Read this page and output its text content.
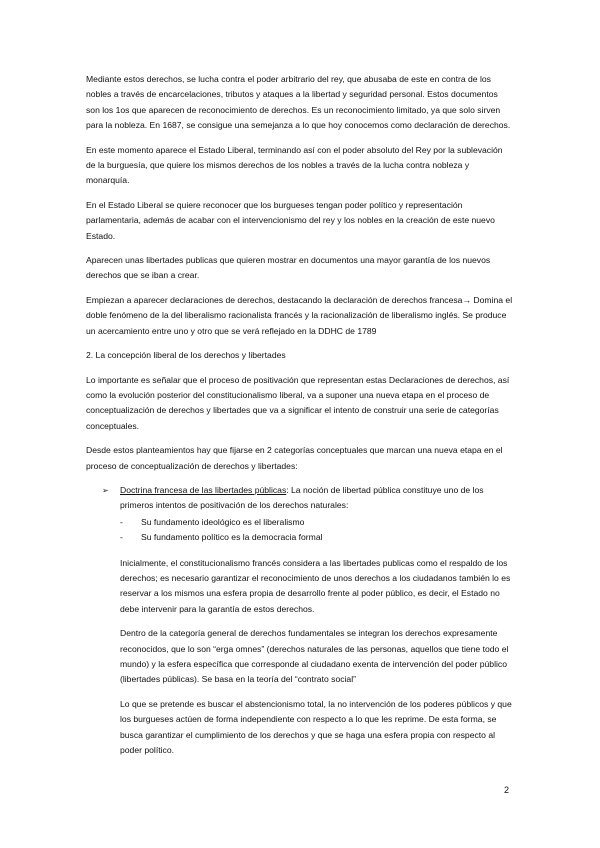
Mediante estos derechos, se lucha contra el poder arbitrario del rey, que abusaba de este en contra de los nobles a través de encarcelaciones, tributos y ataques a la libertad y seguridad personal. Estos documentos son los 1os que aparecen de reconocimiento de derechos. Es un reconocimiento limitado, ya que solo sirven para la nobleza. En 1687, se consigue una semejanza a lo que hoy conocemos como declaración de derechos.

En este momento aparece el Estado Liberal, terminando así con el poder absoluto del Rey por la sublevación de la burguesía, que quiere los mismos derechos de los nobles a través de la lucha contra nobleza y monarquía.

En el Estado Liberal se quiere reconocer que los burgueses tengan poder político y representación parlamentaria, además de acabar con el intervencionismo del rey y los nobles en la creación de este nuevo Estado.

Aparecen unas libertades publicas que quieren mostrar en documentos una mayor garantía de los nuevos derechos que se iban a crear.

Empiezan a aparecer declaraciones de derechos, destacando la declaración de derechos francesa→ Domina el doble fenómeno de la del liberalismo racionalista francés y la racionalización de liberalismo inglés. Se produce un acercamiento entre uno y otro que se verá reflejado en la DDHC de 1789

2. La concepción liberal de los derechos y libertades

Lo importante es señalar que el proceso de positivación que representan estas Declaraciones de derechos, así como la evolución posterior del constitucionalismo liberal, va a suponer una nueva etapa en el proceso de conceptualización de derechos y libertades que va a significar el intento de construir una serie de categorías conceptuales.

Desde estos planteamientos hay que fijarse en 2 categorías conceptuales que marcan una nueva etapa en el proceso de conceptualización de derechos y libertades:

➢ Doctrina francesa de las libertades públicas: La noción de libertad pública constituye uno de los primeros intentos de positivación de los derechos naturales:
- Su fundamento ideológico es el liberalismo
- Su fundamento político es la democracia formal

Inicialmente, el constitucionalismo francés considera a las libertades publicas como el respaldo de los derechos; es necesario garantizar el reconocimiento de unos derechos a los ciudadanos también lo es reservar a los mismos una esfera propia de desarrollo frente al poder público, es decir, el Estado no debe intervenir para la garantía de estos derechos.

Dentro de la categoría general de derechos fundamentales se integran los derechos expresamente reconocidos, que lo son “erga omnes” (derechos naturales de las personas, aquellos que tiene todo el mundo) y la esfera específica que corresponde al ciudadano exenta de intervención del poder público (libertades públicas). Se basa en la teoría del “contrato social”

Lo que se pretende es buscar el abstencionismo total, la no intervención de los poderes públicos y que los burgueses actúen de forma independiente con respecto a lo que les reprime. De esta forma, se busca garantizar el cumplimiento de los derechos y que se haga una esfera propia con respecto al poder político.

2
